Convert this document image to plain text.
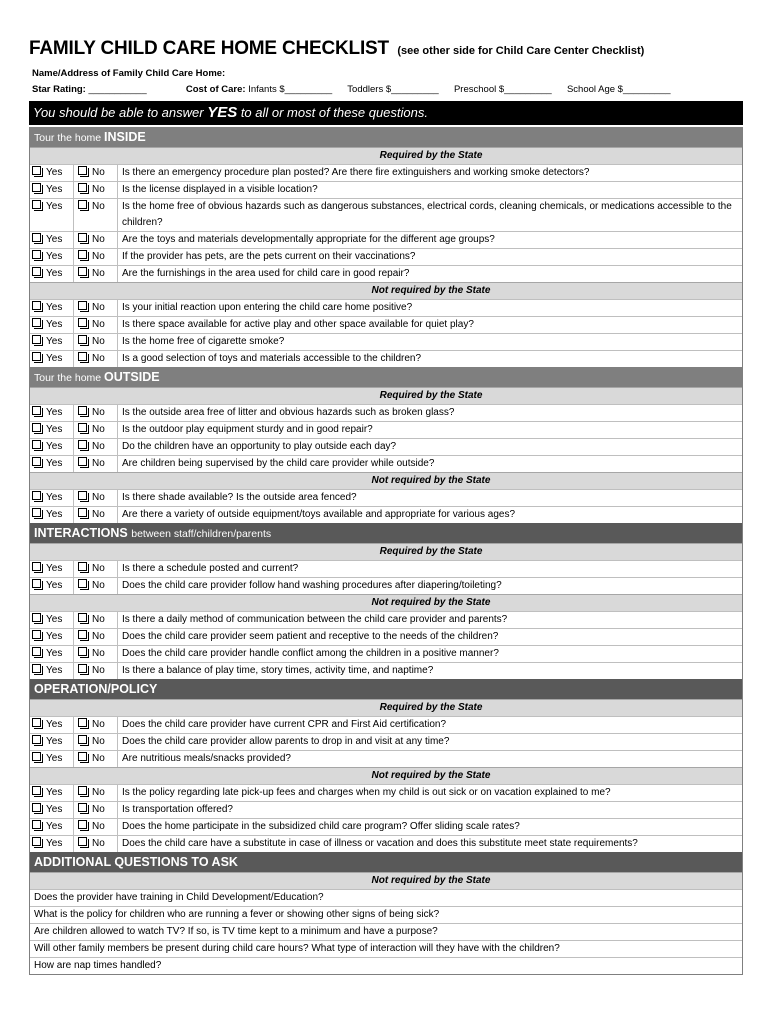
FAMILY CHILD CARE HOME CHECKLIST (see other side for Child Care Center Checklist)
Name/Address of Family Child Care Home:
Star Rating: ___________	Cost of Care: Infants $_________ Toddlers $_________ Preschool $_________ School Age $_________
You should be able to answer YES to all or most of these questions.
Tour the home INSIDE
Required by the State
Yes	No	Is there an emergency procedure plan posted? Are there fire extinguishers and working smoke detectors?
Yes	No	Is the license displayed in a visible location?
Yes	No	Is the home free of obvious hazards such as dangerous substances, electrical cords, cleaning chemicals, or medications accessible to the children?
Yes	No	Are the toys and materials developmentally appropriate for the different age groups?
Yes	No	If the provider has pets, are the pets current on their vaccinations?
Yes	No	Are the furnishings in the area used for child care in good repair?
Not required by the State
Yes	No	Is your initial reaction upon entering the child care home positive?
Yes	No	Is there space available for active play and other space available for quiet play?
Yes	No	Is the home free of cigarette smoke?
Yes	No	Is a good selection of toys and materials accessible to the children?
Tour the home OUTSIDE
Required by the State
Yes	No	Is the outside area free of litter and obvious hazards such as broken glass?
Yes	No	Is the outdoor play equipment sturdy and in good repair?
Yes	No	Do the children have an opportunity to play outside each day?
Yes	No	Are children being supervised by the child care provider while outside?
Not required by the State
Yes	No	Is there shade available? Is the outside area fenced?
Yes	No	Are there a variety of outside equipment/toys available and appropriate for various ages?
INTERACTIONS between staff/children/parents
Required by the State
Yes	No	Is there a schedule posted and current?
Yes	No	Does the child care provider follow hand washing procedures after diapering/toileting?
Not required by the State
Yes	No	Is there a daily method of communication between the child care provider and parents?
Yes	No	Does the child care provider seem patient and receptive to the needs of the children?
Yes	No	Does the child care provider handle conflict among the children in a positive manner?
Yes	No	Is there a balance of play time, story times, activity time, and naptime?
OPERATION/POLICY
Required by the State
Yes	No	Does the child care provider have current CPR and First Aid certification?
Yes	No	Does the child care provider allow parents to drop in and visit at any time?
Yes	No	Are nutritious meals/snacks provided?
Not required by the State
Yes	No	Is the policy regarding late pick-up fees and charges when my child is out sick or on vacation explained to me?
Yes	No	Is transportation offered?
Yes	No	Does the home participate in the subsidized child care program? Offer sliding scale rates?
Yes	No	Does the child care have a substitute in case of illness or vacation and does this substitute meet state requirements?
ADDITIONAL QUESTIONS TO ASK
Not required by the State
Does the provider have training in Child Development/Education?
What is the policy for children who are running a fever or showing other signs of being sick?
Are children allowed to watch TV? If so, is TV time kept to a minimum and have a purpose?
Will other family members be present during child care hours? What type of interaction will they have with the children?
How are nap times handled?
